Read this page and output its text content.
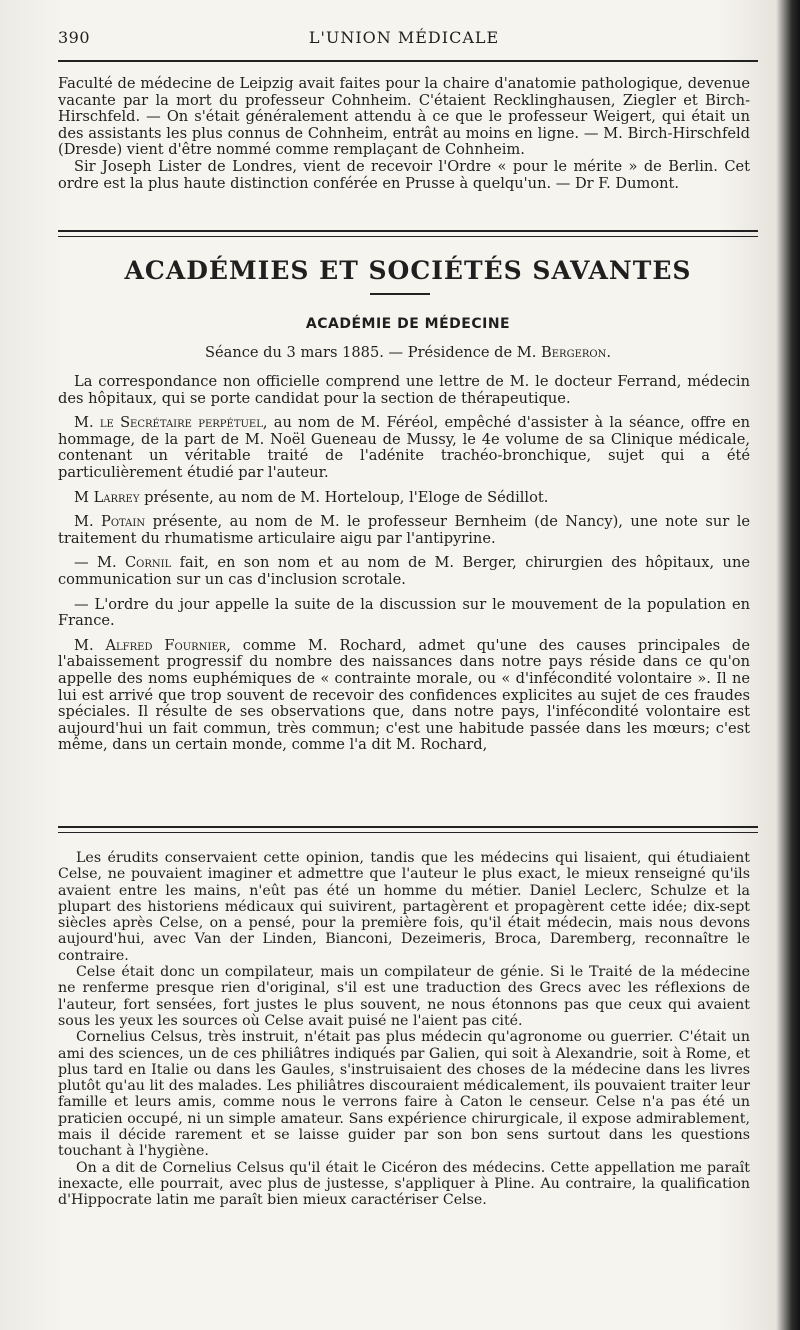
390	L'UNION MÉDICALE

Faculté de médecine de Leipzig avait faites pour la chaire d'anatomie pathologique, devenue vacante par la mort du professeur Cohnheim. C'étaient Recklinghausen, Ziegler et Birch-Hirschfeld. — On s'était généralement attendu à ce que le professeur Weigert, qui était un des assistants les plus connus de Cohnheim, entrât au moins en ligne. — M. Birch-Hirschfeld (Dresde) vient d'être nommé comme remplaçant de Cohnheim.

Sir Joseph Lister de Londres, vient de recevoir l'Ordre « pour le mérite » de Berlin. Cet ordre est la plus haute distinction conférée en Prusse à quelqu'un. — Dr F. Dumont.

ACADÉMIES ET SOCIÉTÉS SAVANTES
ACADÉMIE DE MÉDECINE
Séance du 3 mars 1885. — Présidence de M. Bergeron.

La correspondance non officielle comprend une lettre de M. le docteur Ferrand, médecin des hôpitaux, qui se porte candidat pour la section de thérapeutique.

M. le Secrétaire perpétuel, au nom de M. Féréol, empêché d'assister à la séance, offre en hommage, de la part de M. Noël Gueneau de Mussy, le 4e volume de sa Clinique médicale, contenant un véritable traité de l'adénite trachéo-bronchique, sujet qui a été particulièrement étudié par l'auteur.

M Larrey présente, au nom de M. Horteloup, l'Eloge de Sédillot.

M. Potain présente, au nom de M. le professeur Bernheim (de Nancy), une note sur le traitement du rhumatisme articulaire aigu par l'antipyrine.

— M. Cornil fait, en son nom et au nom de M. Berger, chirurgien des hôpitaux, une communication sur un cas d'inclusion scrotale.

— L'ordre du jour appelle la suite de la discussion sur le mouvement de la population en France.

M. Alfred Fournier, comme M. Rochard, admet qu'une des causes principales de l'abaissement progressif du nombre des naissances dans notre pays réside dans ce qu'on appelle des noms euphémiques de « contrainte morale, ou « d'infécondité volontaire ». Il ne lui est arrivé que trop souvent de recevoir des confidences explicites au sujet de ces fraudes spéciales. Il résulte de ses observations que, dans notre pays, l'infécondité volontaire est aujourd'hui un fait commun, très commun; c'est une habitude passée dans les mœurs; c'est même, dans un certain monde, comme l'a dit M. Rochard,

Les érudits conservaient cette opinion, tandis que les médecins qui lisaient, qui étudiaient Celse, ne pouvaient imaginer et admettre que l'auteur le plus exact, le mieux renseigné qu'ils avaient entre les mains, n'eût pas été un homme du métier. Daniel Leclerc, Schulze et la plupart des historiens médicaux qui suivirent, partagèrent et propagèrent cette idée; dix-sept siècles après Celse, on a pensé, pour la première fois, qu'il était médecin, mais nous devons aujourd'hui, avec Van der Linden, Bianconi, Dezeimeris, Broca, Daremberg, reconnaître le contraire.

Celse était donc un compilateur, mais un compilateur de génie. Si le Traité de la médecine ne renferme presque rien d'original, s'il est une traduction des Grecs avec les réflexions de l'auteur, fort sensées, fort justes le plus souvent, ne nous étonnons pas que ceux qui avaient sous les yeux les sources où Celse avait puisé ne l'aient pas cité.

Cornelius Celsus, très instruit, n'était pas plus médecin qu'agronome ou guerrier. C'était un ami des sciences, un de ces philiâtres indiqués par Galien, qui soit à Alexandrie, soit à Rome, et plus tard en Italie ou dans les Gaules, s'instruisaient des choses de la médecine dans les livres plutôt qu'au lit des malades. Les philiâtres discouraient médicalement, ils pouvaient traiter leur famille et leurs amis, comme nous le verrons faire à Caton le censeur. Celse n'a pas été un praticien occupé, ni un simple amateur. Sans expérience chirurgicale, il expose admirablement, mais il décide rarement et se laisse guider par son bon sens surtout dans les questions touchant à l'hygiène.

On a dit de Cornelius Celsus qu'il était le Cicéron des médecins. Cette appellation me paraît inexacte, elle pourrait, avec plus de justesse, s'appliquer à Pline. Au contraire, la qualification d'Hippocrate latin me paraît bien mieux caractériser Celse.
